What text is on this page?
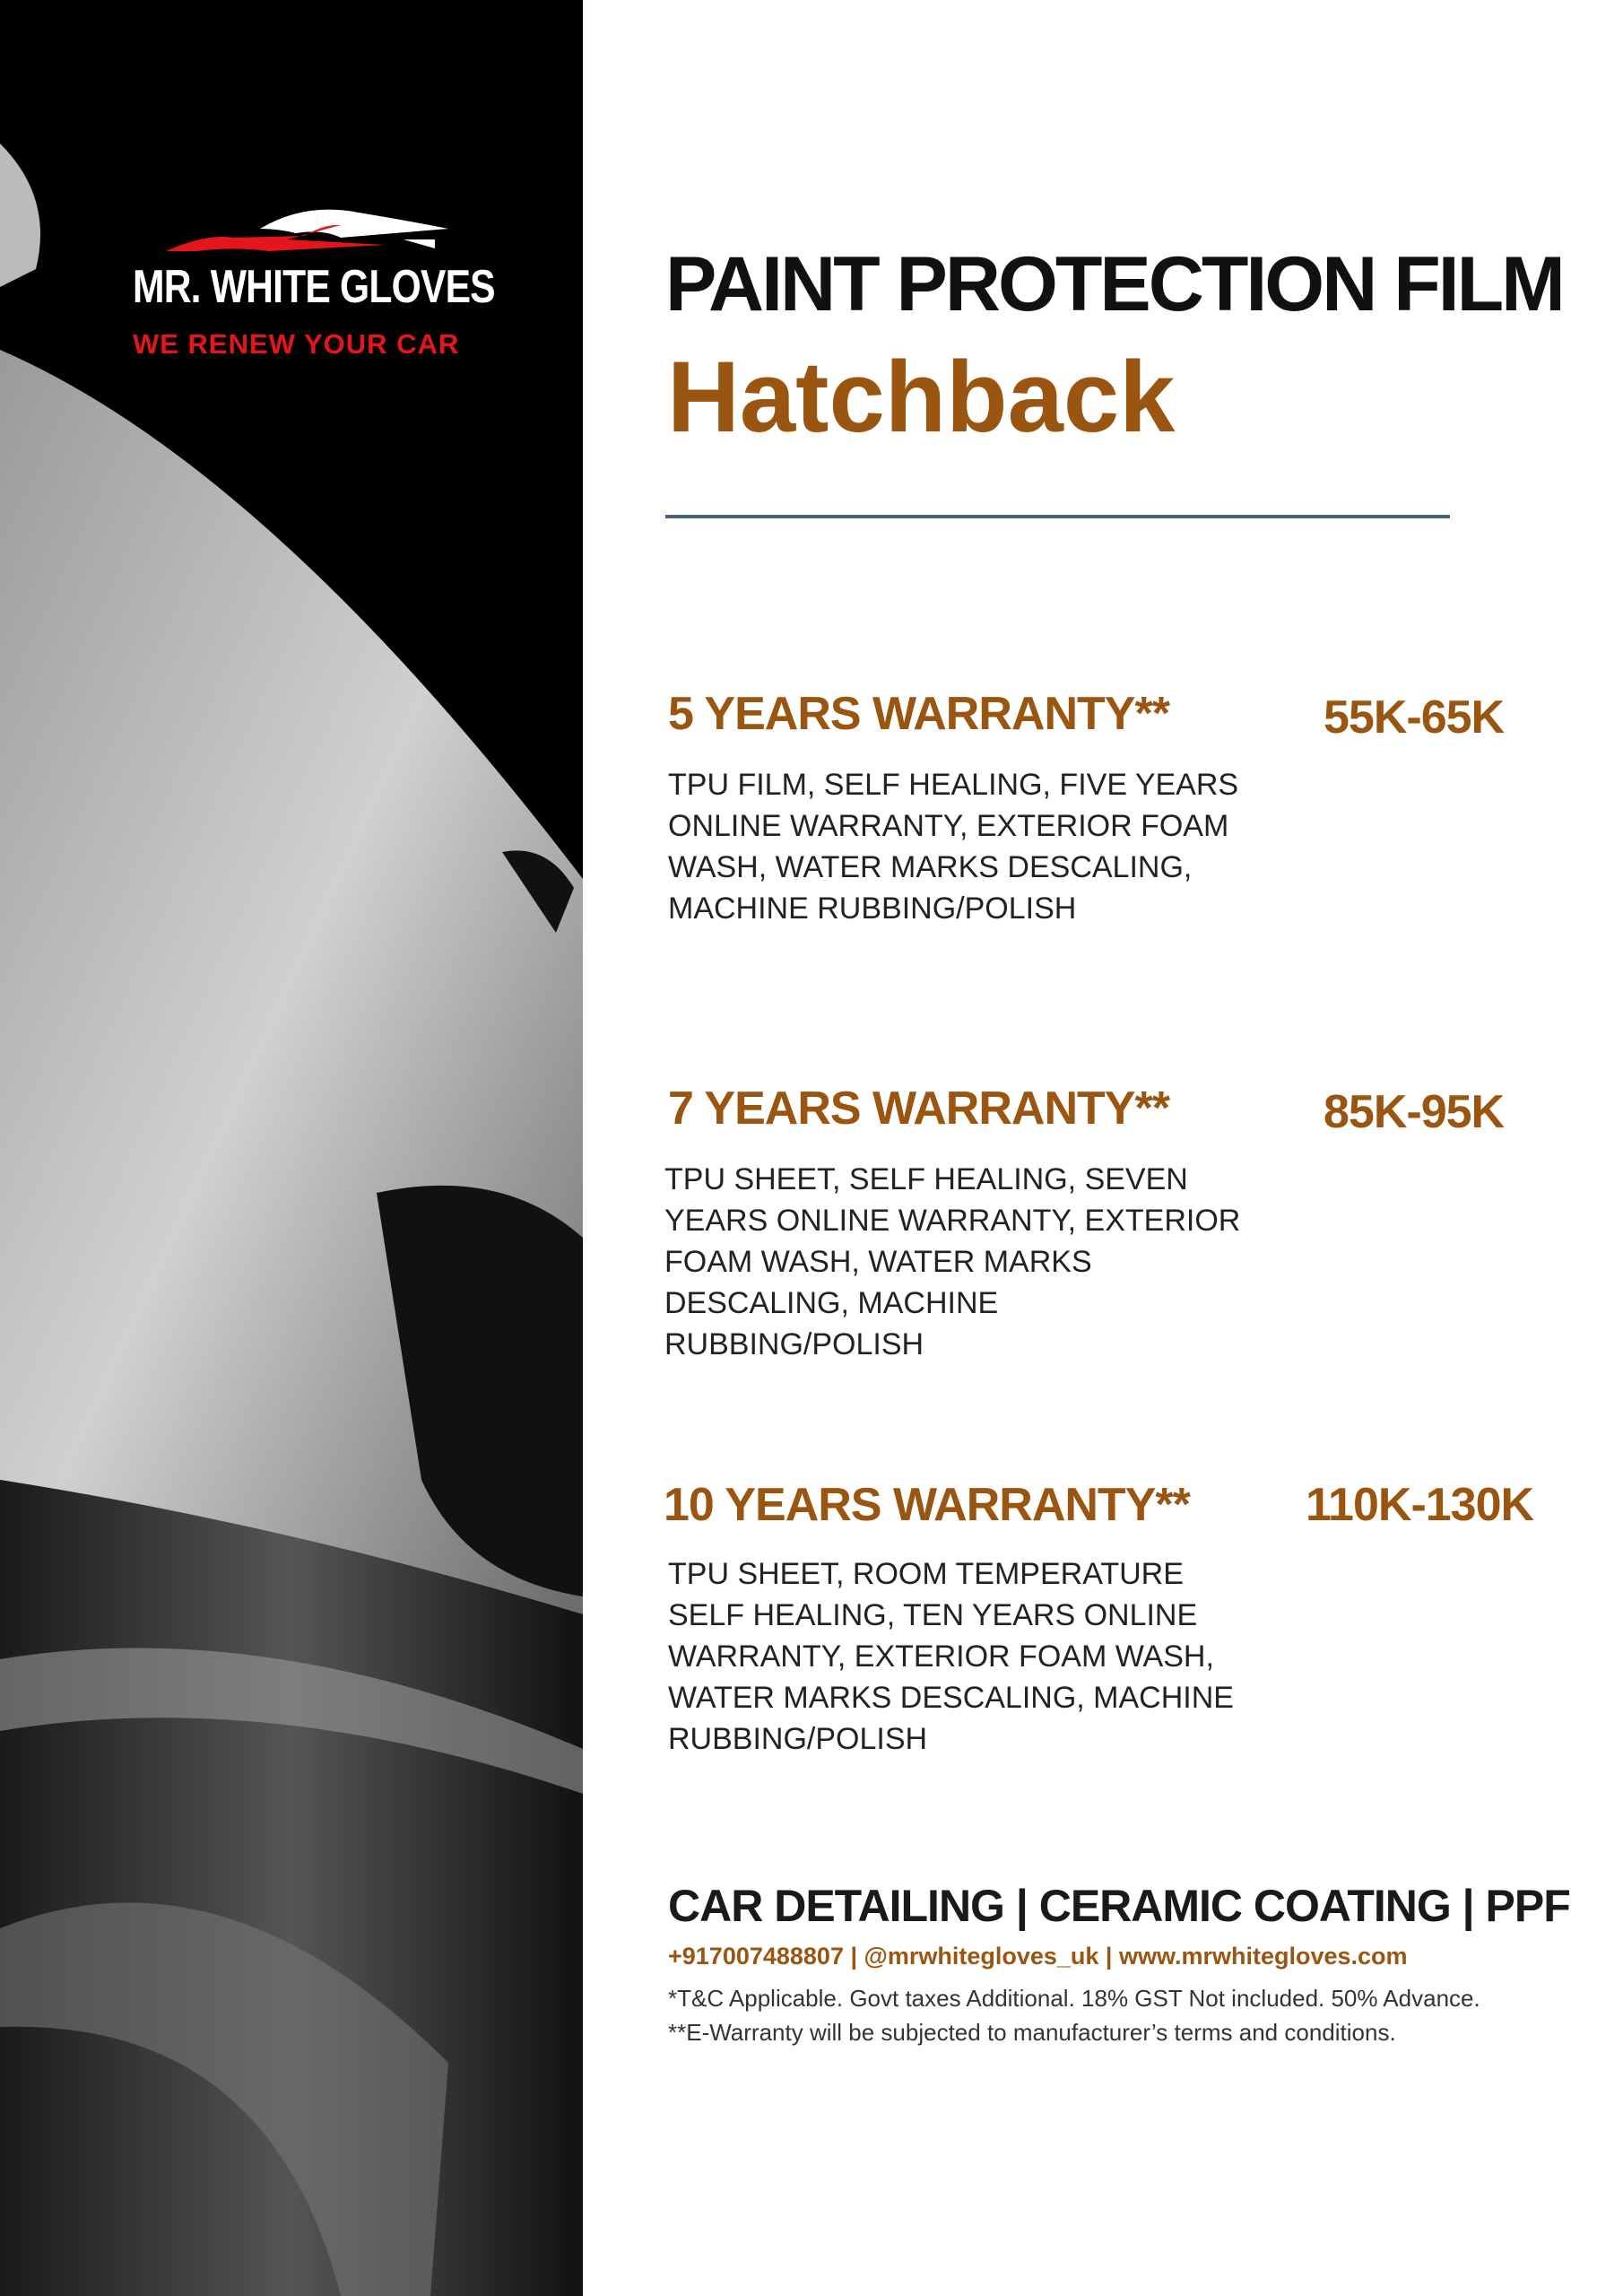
MR. WHITE GLOVES
WE RENEW YOUR CAR
PAINT PROTECTION FILM
Hatchback
5 YEARS WARRANTY**	55K-65K
TPU FILM, SELF HEALING, FIVE YEARS ONLINE WARRANTY, EXTERIOR FOAM WASH, WATER MARKS DESCALING, MACHINE RUBBING/POLISH
7 YEARS WARRANTY**	85K-95K
TPU SHEET, SELF HEALING, SEVEN YEARS ONLINE WARRANTY, EXTERIOR FOAM WASH, WATER MARKS DESCALING, MACHINE RUBBING/POLISH
10 YEARS WARRANTY** 110K-130K
TPU SHEET, ROOM TEMPERATURE SELF HEALING, TEN YEARS ONLINE WARRANTY, EXTERIOR FOAM WASH, WATER MARKS DESCALING, MACHINE RUBBING/POLISH
CAR DETAILING | CERAMIC COATING | PPF
+917007488807 | @mrwhitegloves_uk | www.mrwhitegloves.com
*T&C Applicable. Govt taxes Additional. 18% GST Not included. 50% Advance.
**E-Warranty will be subjected to manufacturer’s terms and conditions.
